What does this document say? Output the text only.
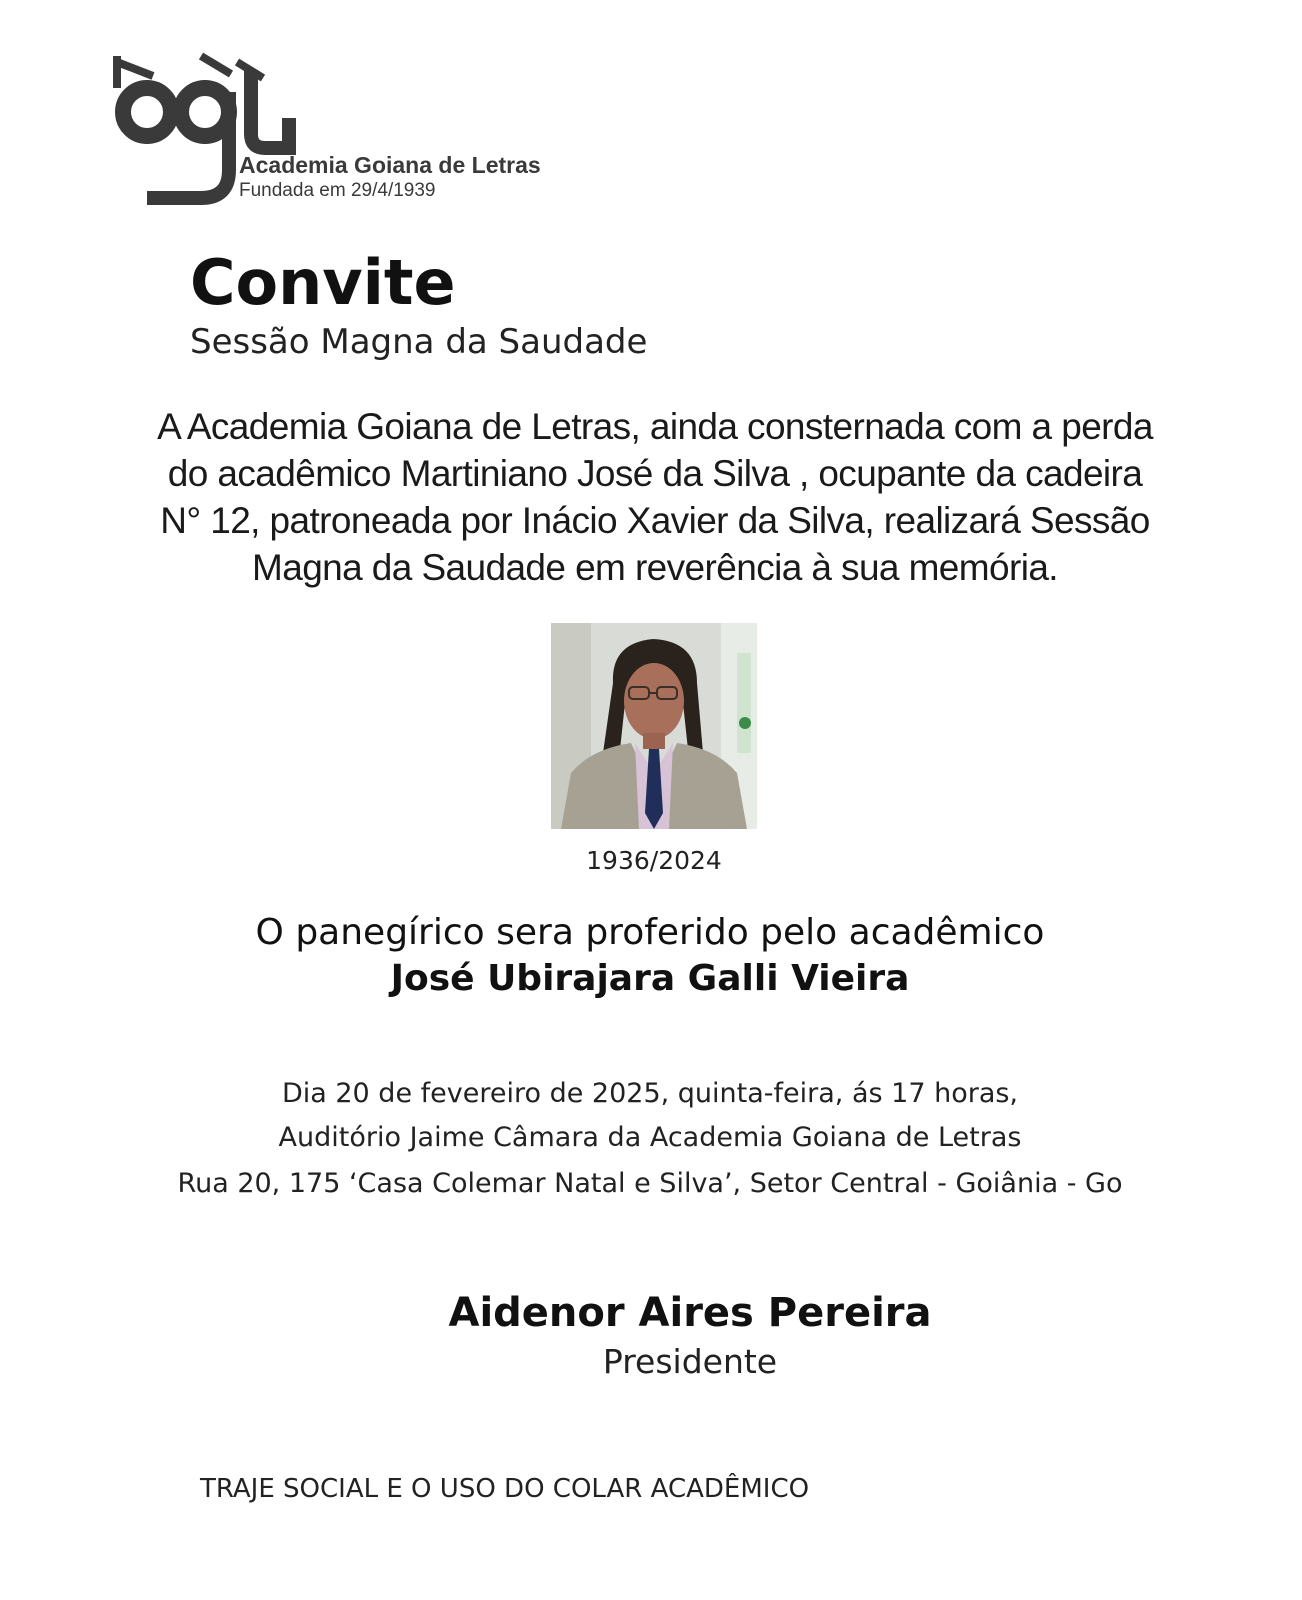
Academia Goiana de Letras
Fundada em 29/4/1939
Convite
Sessão Magna da Saudade
A Academia Goiana de Letras, ainda consternada com a perda
do acadêmico Martiniano José da Silva , ocupante da cadeira
N° 12, patroneada por Inácio Xavier da Silva, realizará Sessão
Magna da Saudade em reverência à sua memória.
1936/2024
O panegírico sera proferido pelo acadêmico
José Ubirajara Galli Vieira
Dia 20 de fevereiro de 2025, quinta-feira, ás 17 horas,
Auditório Jaime Câmara da Academia Goiana de Letras
Rua 20, 175 ‘Casa Colemar Natal e Silva’, Setor Central - Goiânia - Go
Aidenor Aires Pereira
Presidente
TRAJE SOCIAL E O USO DO COLAR ACADÊMICO
